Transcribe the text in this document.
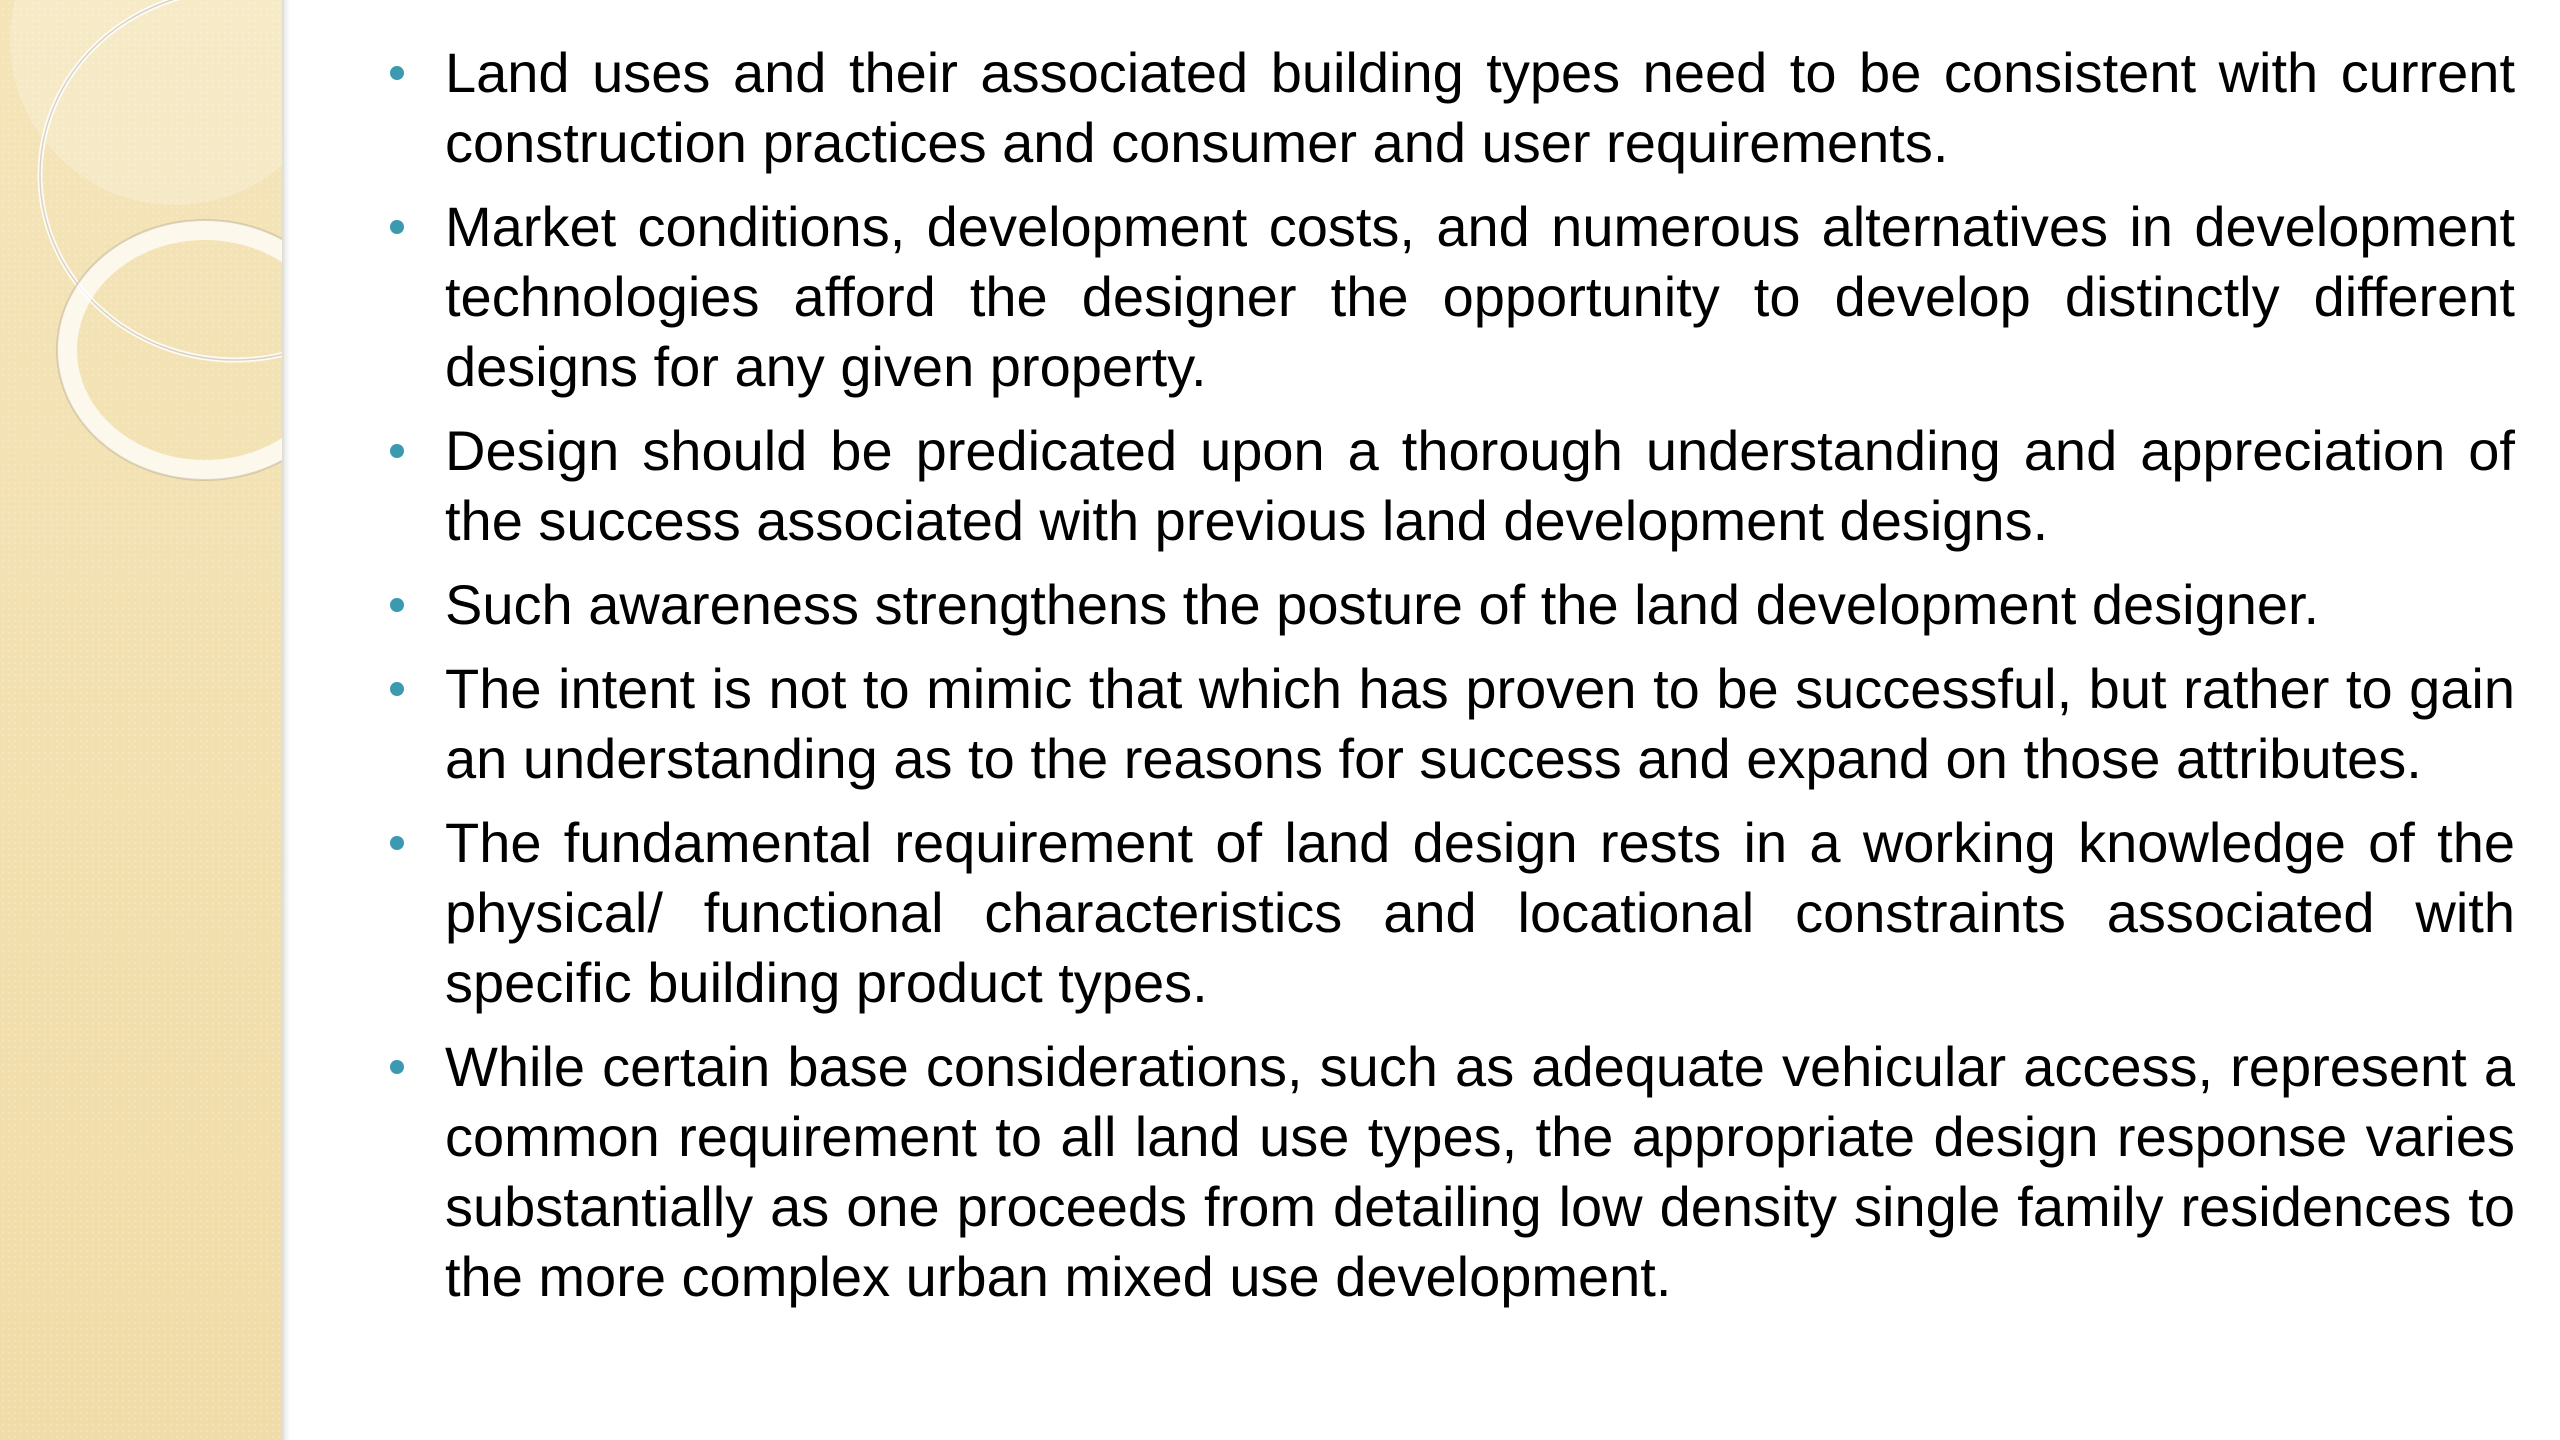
Land uses and their associated building types need to be consistent with current construction practices and consumer and user requirements.
Market conditions, development costs, and numerous alternatives in development technologies afford the designer the opportunity to develop distinctly different designs for any given property.
Design should be predicated upon a thorough understanding and appreciation of the success associated with previous land development designs.
Such awareness strengthens the posture of the land development designer.
The intent is not to mimic that which has proven to be successful, but rather to gain an understanding as to the reasons for success and expand on those attributes.
The fundamental requirement of land design rests in a working knowledge of the physical/ functional characteristics and locational constraints associated with specific building product types.
While certain base considerations, such as adequate vehicular access, represent a common requirement to all land use types, the appropriate design response varies substantially as one proceeds from detailing low density single family residences to the more complex urban mixed use development.
